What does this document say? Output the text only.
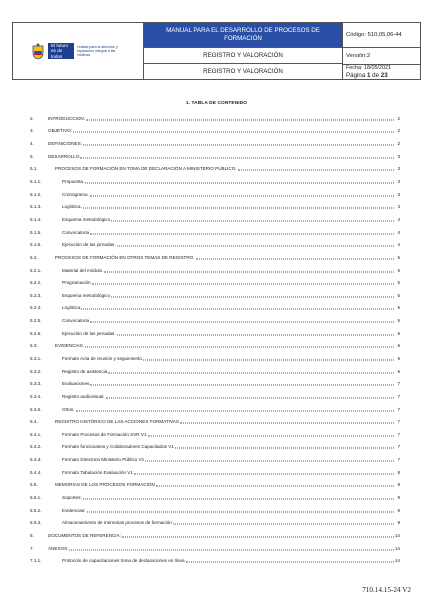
El futuro
es de todos
Unidad para la atención y reparación integral a las víctimas
MANUAL PARA EL DESARROLLO DE PROCESOS DE FORMACIÓN
REGISTRO Y VALORACIÓN
REGISTRO Y VALORACIÓN
Código: 510,05,06-44
Versión:2
Fecha: 18/05/2021
Página 1 de 23
1. TABLA DE CONTENIDO
2.	INTRODUCCION:	2
3.	OBJETIVO:	2
4.	DEFINICIONES:	2
5.	DESARROLLO	3
5.1.	PROCESOS DE FORMACIÓN EN TOMA DE DECLARACIÓN A MINISTERIO PÚBLICO.	3
5.1.1.	Propuesta.	3
5.1.2.	Cronograma.	3
5.1.3.	Logística.	3
5.1.4.	Esquema metodológico	4
5.1.5.	Convocatoria	4
5.1.6.	Ejecución de las jornadas.	4
5.2.	PROCESOS DE FORMACIÓN EN OTROS TEMAS DE REGISTRO.	5
5.2.1.	Material del módulo.	5
5.2.2.	Programación	5
5.2.3.	Esquema metodológico	5
5.2.4.	Logística	5
5.2.5.	Convocatoria	5
5.2.6.	Ejecución de las jornadas.	6
5.3.	EVIDENCIAS.	6
5.3.1.	Formato Acta de reunión y seguimiento	6
5.3.2.	Registro de asistencia	6
5.3.3.	Evaluaciones	7
5.3.4.	Registro audiovisual.	7
5.3.5.	Otros.	7
5.4.	REGISTRO HISTÓRICO DE LAS ACCIONES FORMATIVAS	7
5.4.1.	Formato Procesos de Formación SVR V1	7
5.4.2.	Formato funcionarios y Colaboradores Capacitados V1	7
5.4.3.	Formato Directorio Ministerio Público V1	7
5.4.4.	Formato Tabulación Evaluación V1	8
5.5.	MEMORIAS DE LOS PROCESOS FORMACIÓN	8
5.5.1.	Soportes:	8
5.5.2.	Evidencias:	8
5.5.3.	Almacenamiento de memorias procesos de formación	9
6.	DOCUMENTOS DE REFERENCIA:	14
7.	ANEXOS:	14
7.1.1.	Protocolo de capacitaciones toma de declaraciones en línea	14
710.14.15-24 V2
